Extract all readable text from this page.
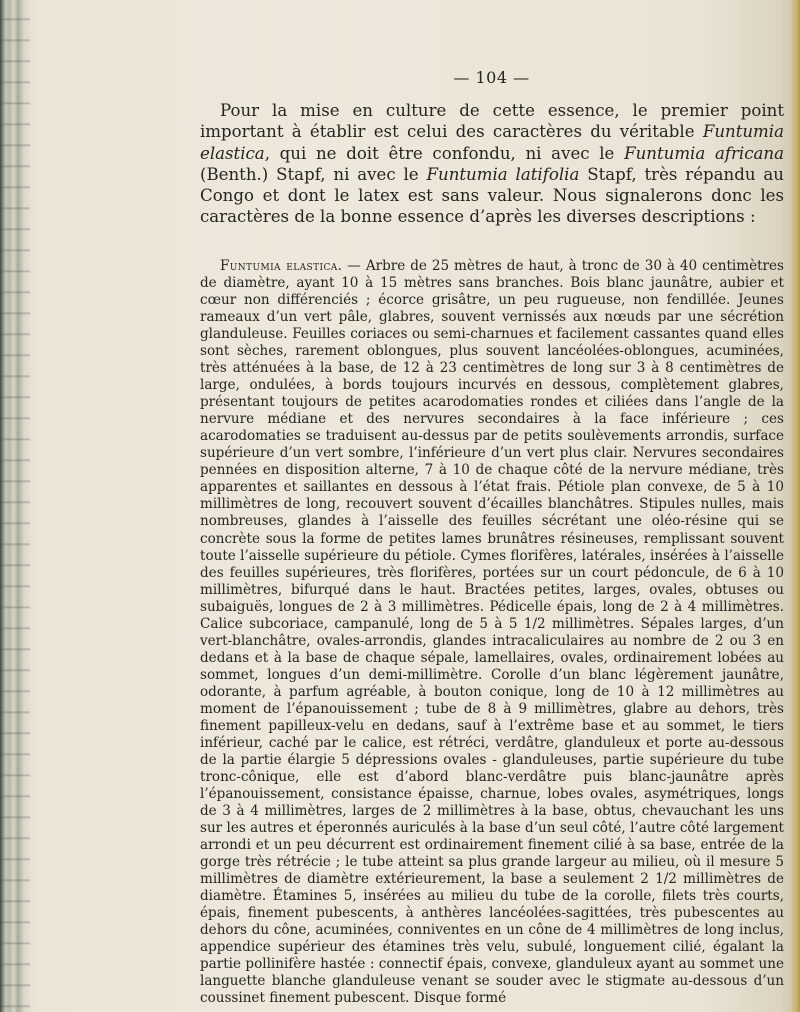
— 104 —

Pour la mise en culture de cette essence, le premier point important à établir est celui des caractères du véritable Funtumia elastica, qui ne doit être confondu, ni avec le Funtumia africana (Benth.) Stapf, ni avec le Funtumia latifolia Stapf, très répandu au Congo et dont le latex est sans valeur. Nous signalerons donc les caractères de la bonne essence d’après les diverses descriptions :

Funtumia elastica. — Arbre de 25 mètres de haut, à tronc de 30 à 40 centimètres de diamètre, ayant 10 à 15 mètres sans branches. Bois blanc jaunâtre, aubier et cœur non différenciés ; écorce grisâtre, un peu rugueuse, non fendillée. Jeunes rameaux d’un vert pâle, glabres, souvent vernissés aux nœuds par une sécrétion glanduleuse. Feuilles coriaces ou semi-charnues et facilement cassantes quand elles sont sèches, rarement oblongues, plus souvent lancéolées-oblongues, acuminées, très atténuées à la base, de 12 à 23 centimètres de long sur 3 à 8 centimètres de large, ondulées, à bords toujours incurvés en dessous, complètement glabres, présentant toujours de petites acarodomaties rondes et ciliées dans l’angle de la nervure médiane et des nervures secondaires à la face inférieure ; ces acarodomaties se traduisent au-dessus par de petits soulèvements arrondis, surface supérieure d’un vert sombre, l’inférieure d’un vert plus clair. Nervures secondaires pennées en disposition alterne, 7 à 10 de chaque côté de la nervure médiane, très apparentes et saillantes en dessous à l’état frais. Pétiole plan convexe, de 5 à 10 millimètres de long, recouvert souvent d’écailles blanchâtres. Stipules nulles, mais nombreuses, glandes à l’aisselle des feuilles sécrétant une oléo-résine qui se concrète sous la forme de petites lames brunâtres résineuses, remplissant souvent toute l’aisselle supérieure du pétiole. Cymes florifères, latérales, insérées à l’aisselle des feuilles supérieures, très florifères, portées sur un court pédoncule, de 6 à 10 millimètres, bifurqué dans le haut. Bractées petites, larges, ovales, obtuses ou subaiguës, longues de 2 à 3 millimètres. Pédicelle épais, long de 2 à 4 millimètres. Calice subcoriace, campanulé, long de 5 à 5 1/2 millimètres. Sépales larges, d’un vert-blanchâtre, ovales-arrondis, glandes intracaliculaires au nombre de 2 ou 3 en dedans et à la base de chaque sépale, lamellaires, ovales, ordinairement lobées au sommet, longues d’un demi-millimètre. Corolle d’un blanc légèrement jaunâtre, odorante, à parfum agréable, à bouton conique, long de 10 à 12 millimètres au moment de l’épanouissement ; tube de 8 à 9 millimètres, glabre au dehors, très finement papilleux-velu en dedans, sauf à l’extrême base et au sommet, le tiers inférieur, caché par le calice, est rétréci, verdâtre, glanduleux et porte au-dessous de la partie élargie 5 dépressions ovales - glanduleuses, partie supérieure du tube tronc-cônique, elle est d’abord blanc-verdâtre puis blanc-jaunâtre après l’épanouissement, consistance épaisse, charnue, lobes ovales, asymétriques, longs de 3 à 4 millimètres, larges de 2 millimètres à la base, obtus, chevauchant les uns sur les autres et éperonnés auriculés à la base d’un seul côté, l’autre côté largement arrondi et un peu décurrent est ordinairement finement cilié à sa base, entrée de la gorge très rétrécie ; le tube atteint sa plus grande largeur au milieu, où il mesure 5 millimètres de diamètre extérieurement, la base a seulement 2 1/2 millimètres de diamètre. Étamines 5, insérées au milieu du tube de la corolle, filets très courts, épais, finement pubescents, à anthères lancéolées-sagittées, très pubescentes au dehors du cône, acuminées, conniventes en un cône de 4 millimètres de long inclus, appendice supérieur des étamines très velu, subulé, longuement cilié, égalant la partie pollinifère hastée : connectif épais, convexe, glanduleux ayant au sommet une languette blanche glanduleuse venant se souder avec le stigmate au-dessous d’un coussinet finement pubescent. Disque formé
